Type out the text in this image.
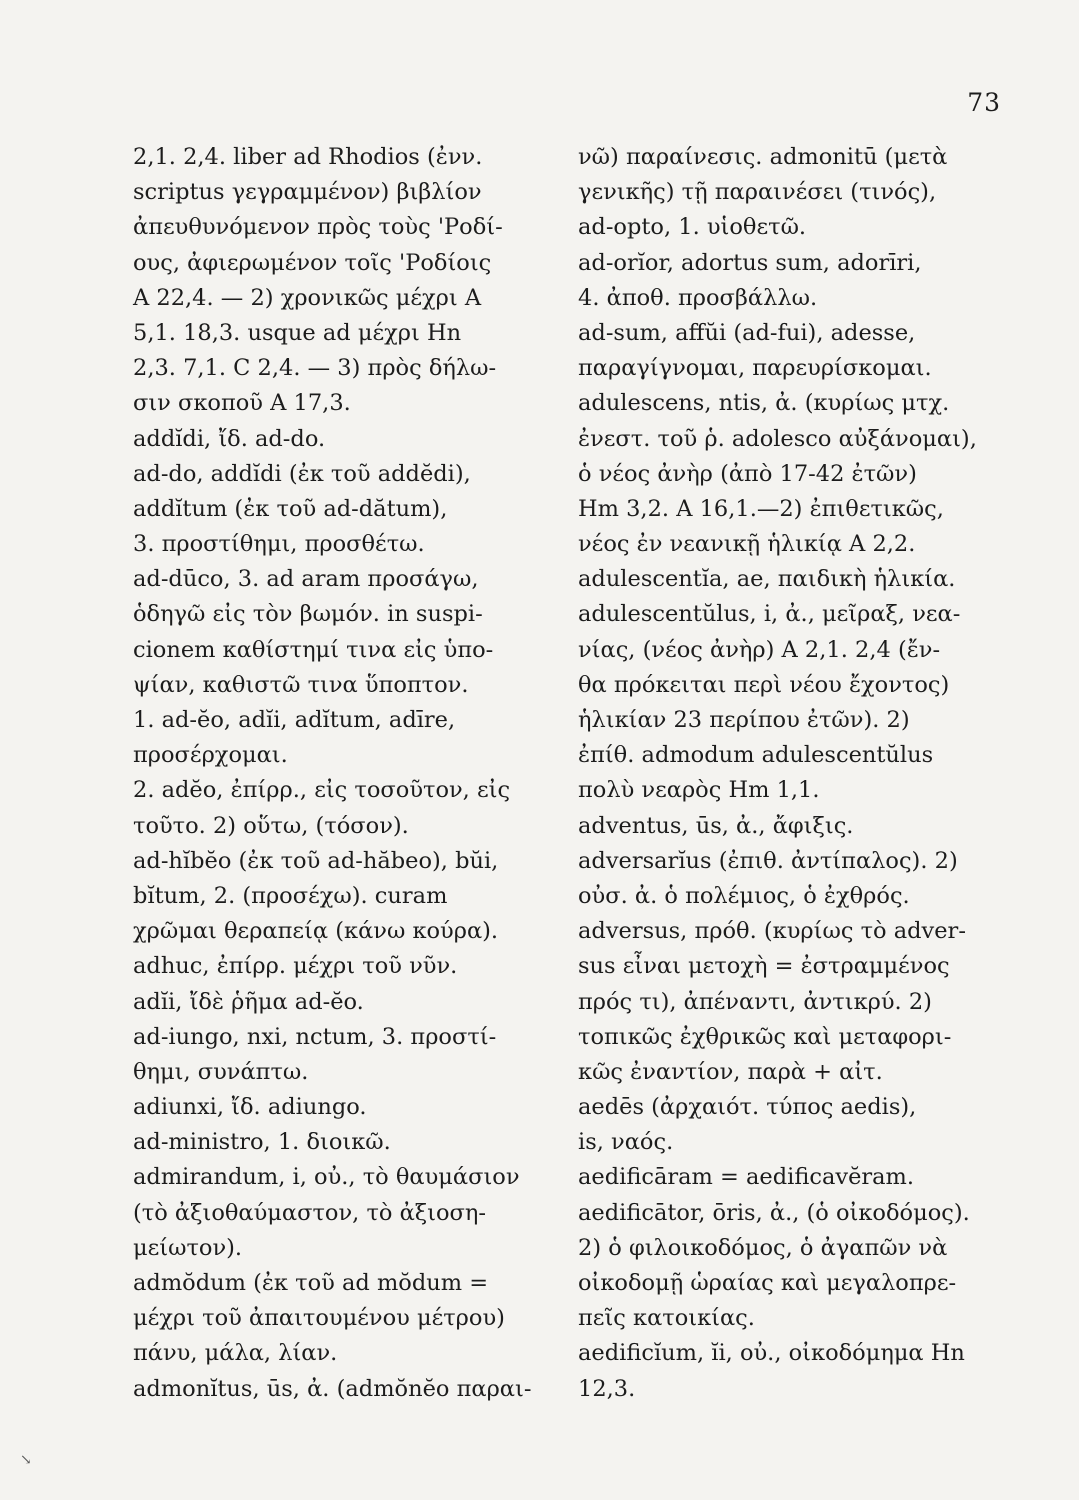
73
2,1. 2,4. liber ad Rhodios (ἐνν.
scriptus γεγραμμένον) βιβλίον
ἀπευθυνόμενον πρὸς τοὺς 'Ροδί-
ους, ἀφιερωμένον τοῖς 'Ροδίοις
Α 22,4. — 2) χρονικῶς μέχρι Α
5,1. 18,3. usque ad μέχρι Hn
2,3. 7,1. C 2,4. — 3) πρὸς δήλω-
σιν σκοποῦ Α 17,3.
addĭdi, ἴδ. ad-do.
ad-do, addĭdi (ἐκ τοῦ addĕdi),
addĭtum (ἐκ τοῦ ad-dătum),
3. προστίθημι, προσθέτω.
ad-dūco, 3. ad aram προσάγω,
ὁδηγῶ εἰς τὸν βωμόν. in suspi-
cionem καθίστημί τινα εἰς ὑπο-
ψίαν, καθιστῶ τινα ὕποπτον.
1. ad-ĕo, adĭi, adĭtum, adīre,
προσέρχομαι.
2. adĕo, ἐπίρρ., εἰς τοσοῦτον, εἰς
τοῦτο. 2) οὕτω, (τόσον).
ad-hĭbĕo (ἐκ τοῦ ad-hăbeo), bŭi,
bĭtum, 2. (προσέχω). curam
χρῶμαι θεραπείᾳ (κάνω κούρα).
adhuc, ἐπίρρ. μέχρι τοῦ νῦν.
adĭi, ἴδὲ ῥῆμα ad-ĕo.
ad-iungo, nxi, nctum, 3. προστί-
θημι, συνάπτω.
adiunxi, ἴδ. adiungo.
ad-ministro, 1. διοικῶ.
admirandum, i, οὐ., τὸ θαυμάσιον
(τὸ ἀξιοθαύμαστον, τὸ ἀξιοση-
μείωτον).
admŏdum (ἐκ τοῦ ad mŏdum =
μέχρι τοῦ ἀπαιτουμένου μέτρου)
πάνυ, μάλα, λίαν.
admonĭtus, ūs, ἀ. (admŏnĕo παραι-
νῶ) παραίνεσις. admonitū (μετὰ
γενικῆς) τῇ παραινέσει (τινός),
ad-opto, 1. υἱοθετῶ.
ad-orĭor, adortus sum, adorīri,
4. ἀποθ. προσβάλλω.
ad-sum, affŭi (ad-fui), adesse,
παραγίγνομαι, παρευρίσκομαι.
adulescens, ntis, ἀ. (κυρίως μτχ.
ἐνεστ. τοῦ ῥ. adolesco αὐξάνομαι),
ὁ νέος ἀνὴρ (ἀπὸ 17-42 ἐτῶν)
Hm 3,2. Α 16,1.—2) ἐπιθετικῶς,
νέος ἐν νεανικῇ ἡλικίᾳ Α 2,2.
adulescentĭa, ae, παιδικὴ ἡλικία.
adulescentŭlus, i, ἀ., μεῖραξ, νεα-
νίας, (νέος ἀνὴρ) Α 2,1. 2,4 (ἔν-
θα πρόκειται περὶ νέου ἔχοντος)
ἡλικίαν 23 περίπου ἐτῶν). 2)
ἐπίθ. admodum adulescentŭlus
πολὺ νεαρὸς Hm 1,1.
adventus, ūs, ἀ., ἄφιξις.
adversarĭus (ἐπιθ. ἀντίπαλος). 2)
οὐσ. ἀ. ὁ πολέμιος, ὁ ἐχθρός.
adversus, πρόθ. (κυρίως τὸ adver-
sus εἶναι μετοχὴ = ἐστραμμένος
πρός τι), ἀπέναντι, ἀντικρύ. 2)
τοπικῶς ἐχθρικῶς καὶ μεταφορι-
κῶς ἐναντίον, παρὰ + αἰτ.
aedēs (ἀρχαιότ. τύπος aedis),
is, ναός.
aedificāram = aedificavĕram.
aedificātor, ōris, ἀ., (ὁ οἰκοδόμος).
2) ὁ φιλοικοδόμος, ὁ ἀγαπῶν νὰ
οἰκοδομῇ ὡραίας καὶ μεγαλοπρε-
πεῖς κατοικίας.
aedificĭum, ĭi, οὐ., οἰκοδόμημα Hn
12,3.
↘
